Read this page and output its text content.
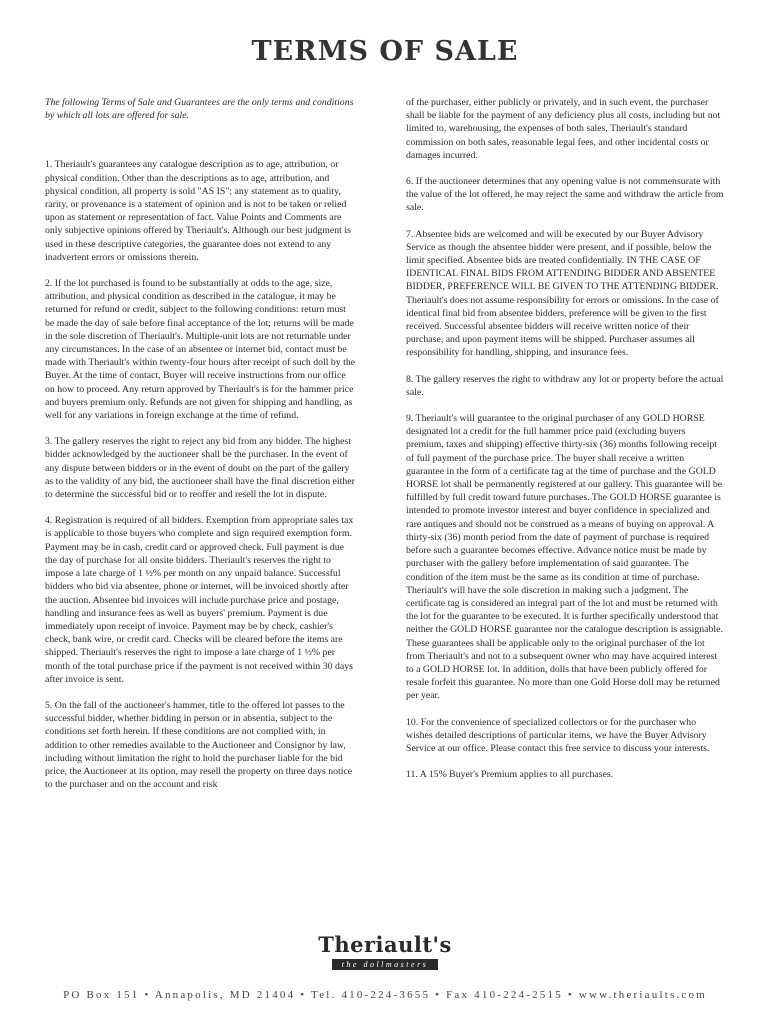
TERMS OF SALE

The following Terms of Sale and Guarantees are the only terms and conditions by which all lots are offered for sale.

1. Theriault's guarantees any catalogue description as to age, attribution, or physical condition. Other than the descriptions as to age, attribution, and physical condition, all property is sold "AS IS"; any statement as to quality, rarity, or provenance is a statement of opinion and is not to be taken or relied upon as statement or representation of fact. Value Points and Comments are only subjective opinions offered by Theriault's. Although our best judgment is used in these descriptive categories, the guarantee does not extend to any inadvertent errors or omissions therein.

2. If the lot purchased is found to be substantially at odds to the age, size, attribution, and physical condition as described in the catalogue, it may be returned for refund or credit, subject to the following conditions: return must be made the day of sale before final acceptance of the lot; returns will be made in the sole discretion of Theriault's. Multiple-unit lots are not returnable under any circumstances. In the case of an absentee or internet bid, contact must be made with Theriault's within twenty-four hours after receipt of such doll by the Buyer. At the time of contact, Buyer will receive instructions from our office on how to proceed. Any return approved by Theriault's is for the hammer price and buyers premium only. Refunds are not given for shipping and handling, as well for any variations in foreign exchange at the time of refund.

3. The gallery reserves the right to reject any bid from any bidder. The highest bidder acknowledged by the auctioneer shall be the purchaser. In the event of any dispute between bidders or in the event of doubt on the part of the gallery as to the validity of any bid, the auctioneer shall have the final discretion either to determine the successful bid or to reoffer and resell the lot in dispute.

4. Registration is required of all bidders. Exemption from appropriate sales tax is applicable to those buyers who complete and sign required exemption form. Payment may be in cash, credit card or approved check. Full payment is due the day of purchase for all onsite bidders. Theriault's reserves the right to impose a late charge of 1 ½% per month on any unpaid balance. Successful bidders who bid via absentee, phone or internet, will be invoiced shortly after the auction. Absentee bid invoices will include purchase price and postage, handling and insurance fees as well as buyers' premium. Payment is due immediately upon receipt of invoice. Payment may be by check, cashier's check, bank wire, or credit card. Checks will be cleared before the items are shipped. Theriault's reserves the right to impose a late charge of 1 ½% per month of the total purchase price if the payment is not received within 30 days after invoice is sent.

5. On the fall of the auctioneer's hammer, title to the offered lot passes to the successful bidder, whether bidding in person or in absentia, subject to the conditions set forth herein. If these conditions are not complied with, in addition to other remedies available to the Auctioneer and Consignor by law, including without limitation the right to hold the purchaser liable for the bid price, the Auctioneer at its option, may resell the property on three days notice to the purchaser and on the account and risk

of the purchaser, either publicly or privately, and in such event, the purchaser shall be liable for the payment of any deficiency plus all costs, including but not limited to, warehousing, the expenses of both sales, Theriault's standard commission on both sales, reasonable legal fees, and other incidental costs or damages incurred.

6. If the auctioneer determines that any opening value is not commensurate with the value of the lot offered, he may reject the same and withdraw the article from sale.

7. Absentee bids are welcomed and will be executed by our Buyer Advisory Service as though the absentee bidder were present, and if possible, below the limit specified. Absentee bids are treated confidentially. IN THE CASE OF IDENTICAL FINAL BIDS FROM ATTENDING BIDDER AND ABSENTEE BIDDER, PREFERENCE WILL BE GIVEN TO THE ATTENDING BIDDER. Theriault's does not assume responsibility for errors or omissions. In the case of identical final bid from absentee bidders, preference will be given to the first received. Successful absentee bidders will receive written notice of their purchase, and upon payment items will be shipped. Purchaser assumes all responsibility for handling, shipping, and insurance fees.

8. The gallery reserves the right to withdraw any lot or property before the actual sale.

9. Theriault's will guarantee to the original purchaser of any GOLD HORSE designated lot a credit for the full hammer price paid (excluding buyers premium, taxes and shipping) effective thirty-six (36) months following receipt of full payment of the purchase price. The buyer shall receive a written guarantee in the form of a certificate tag at the time of purchase and the GOLD HORSE lot shall be permanently registered at our gallery. This guarantee will be fulfilled by full credit toward future purchases. The GOLD HORSE guarantee is intended to promote investor interest and buyer confidence in specialized and rare antiques and should not be construed as a means of buying on approval. A thirty-six (36) month period from the date of payment of purchase is required before such a guarantee becomes effective. Advance notice must be made by purchaser with the gallery before implementation of said guarantee. The condition of the item must be the same as its condition at time of purchase. Theriault's will have the sole discretion in making such a judgment. The certificate tag is considered an integral part of the lot and must be returned with the lot for the guarantee to be executed. It is further specifically understood that neither the GOLD HORSE guarantee nor the catalogue description is assignable. These guarantees shall be applicable only to the original purchaser of the lot from Theriault's and not to a subsequent owner who may have acquired interest to a GOLD HORSE lot. In addition, dolls that have been publicly offered for resale forfeit this guarantee. No more than one Gold Horse doll may be returned per year.

10. For the convenience of specialized collectors or for the purchaser who wishes detailed descriptions of particular items, we have the Buyer Advisory Service at our office. Please contact this free service to discuss your interests.

11. A 15% Buyer's Premium applies to all purchases.

Theriault's
the dollmasters
PO Box 151 • Annapolis, MD 21404 • Tel. 410-224-3655 • Fax 410-224-2515 • www.theriaults.com
